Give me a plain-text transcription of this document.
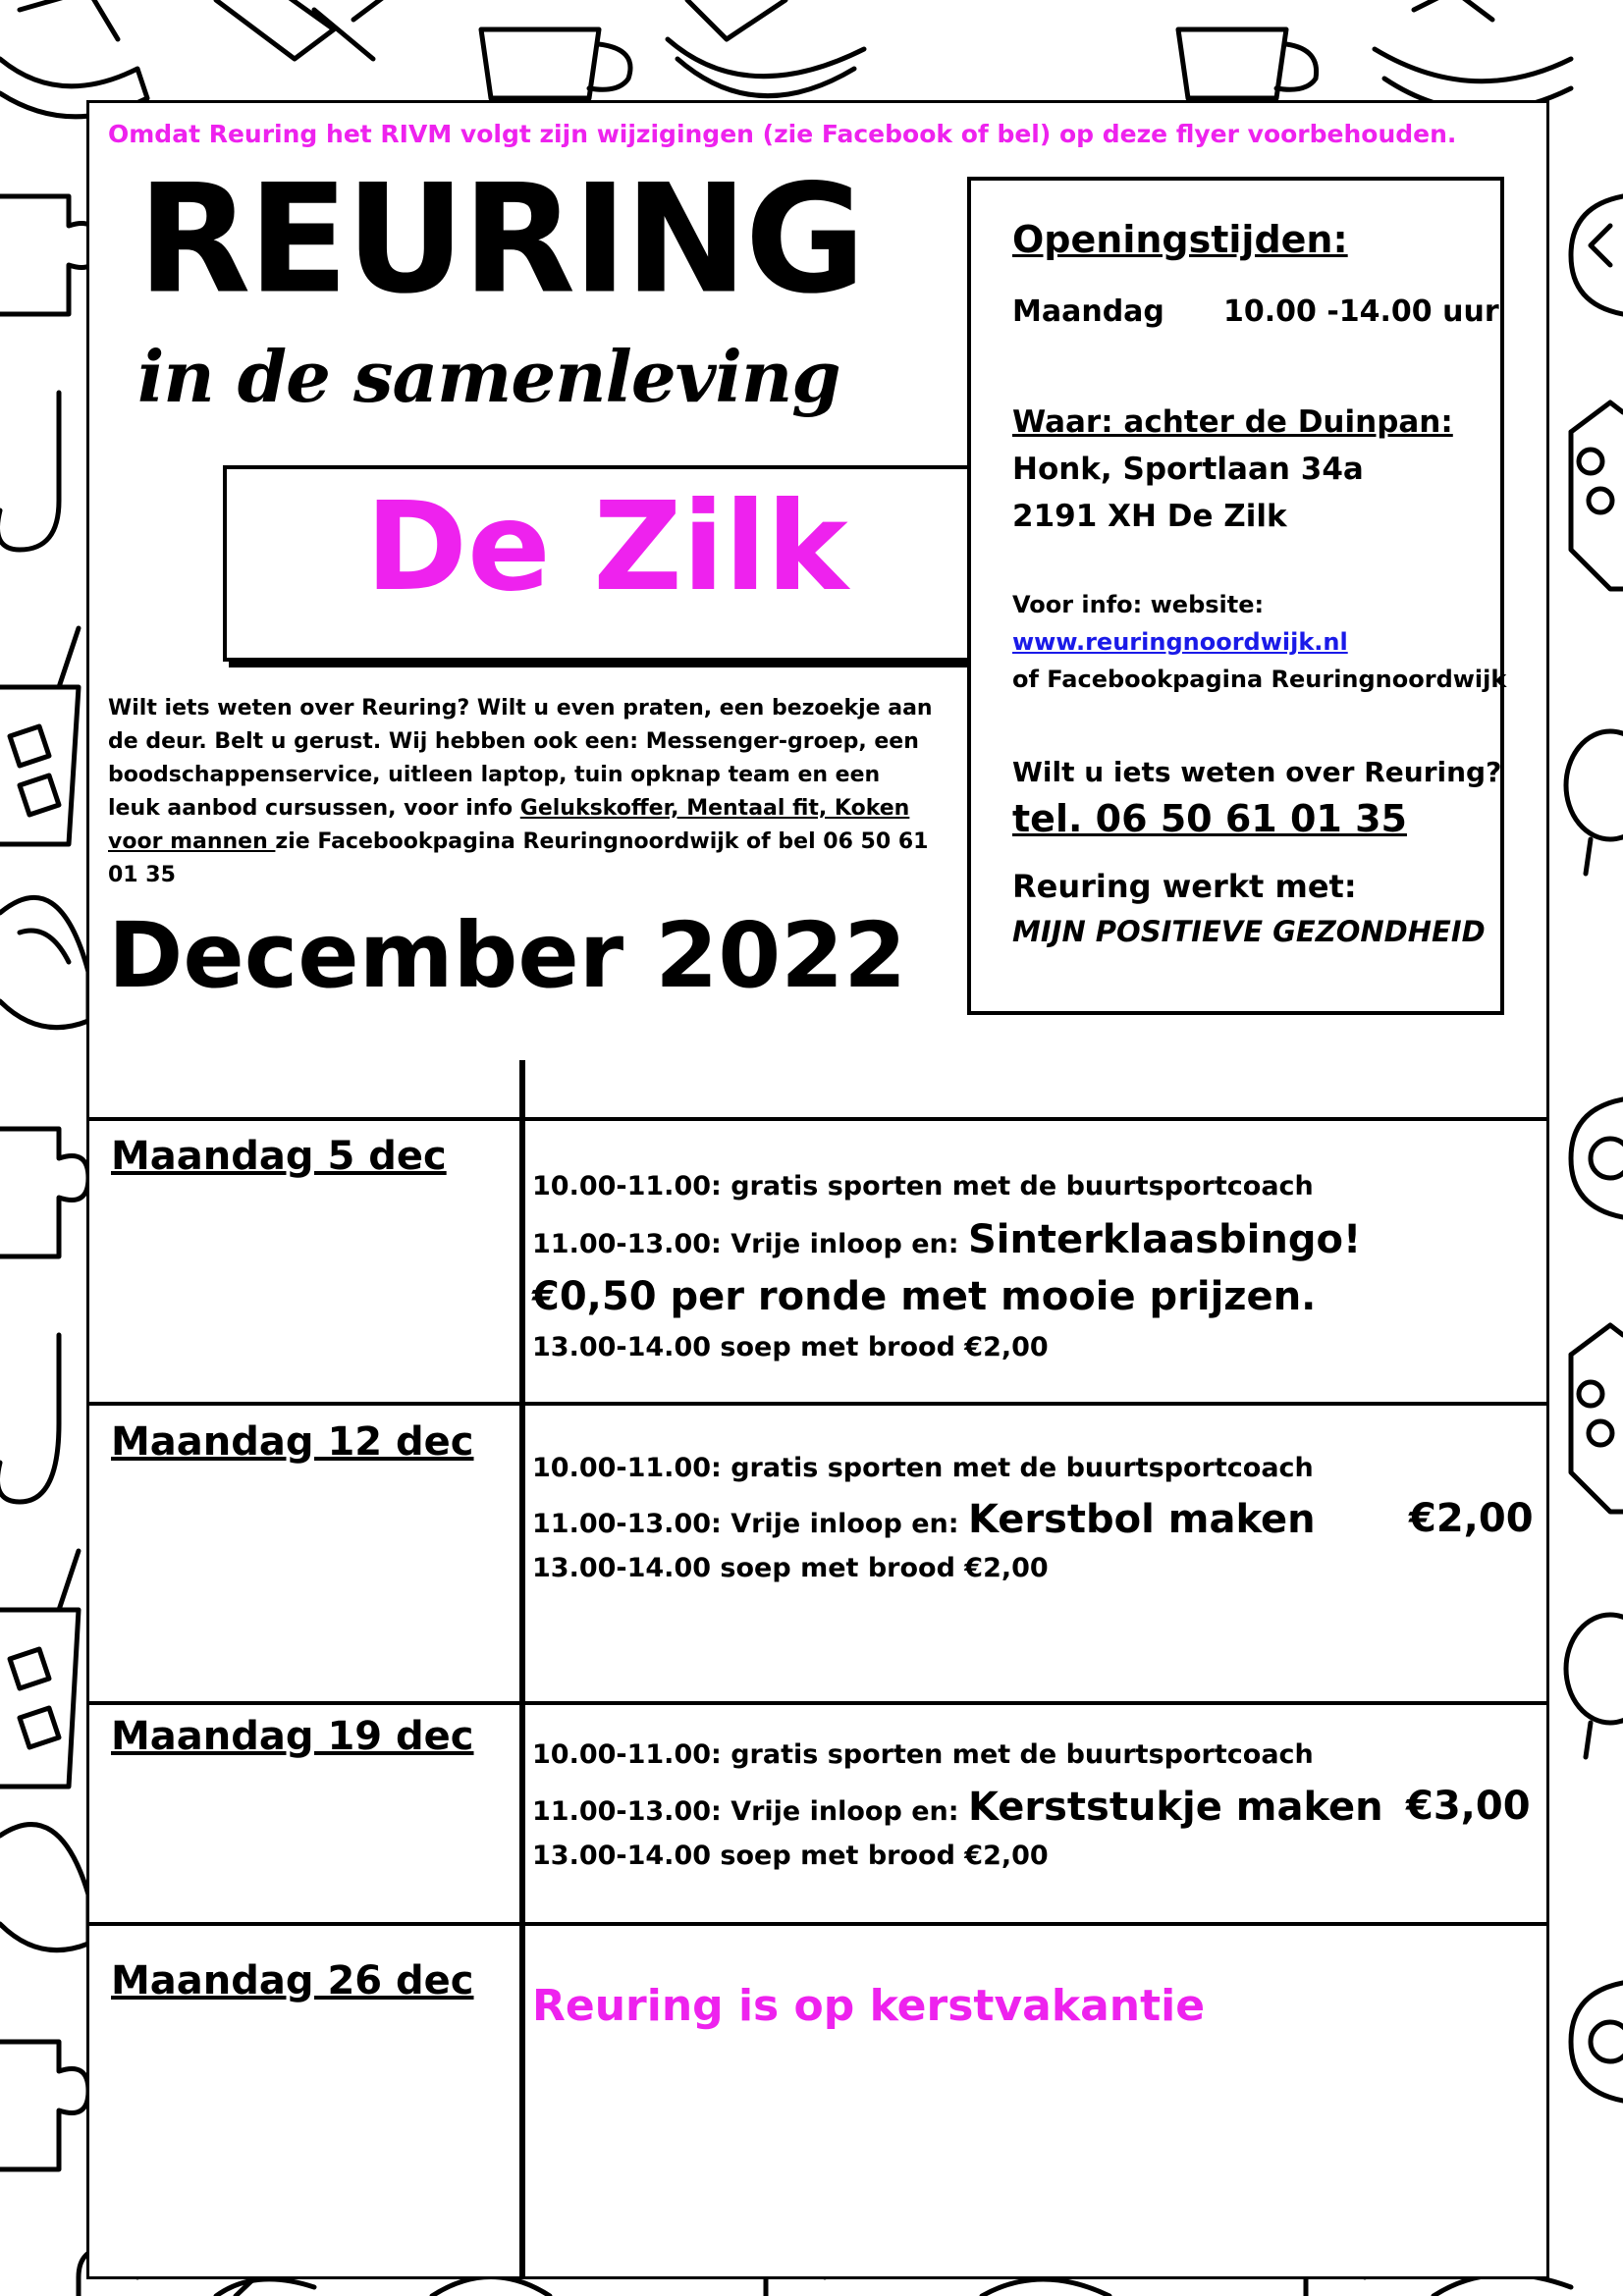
Omdat Reuring het RIVM volgt zijn wijzigingen (zie Facebook of bel) op deze flyer voorbehouden.
REURING
in de samenleving
De Zilk
Wilt iets weten over Reuring? Wilt u even praten, een bezoekje aan de deur. Belt u gerust. Wij hebben ook een: Messenger-groep, een boodschappenservice, uitleen laptop, tuin opknap team en een leuk aanbod cursussen, voor info Gelukskoffer, Mentaal fit, Koken voor mannen zie Facebookpagina Reuringnoordwijk of bel 06 50 61 01 35
December 2022
Openingstijden:
Maandag 10.00 -14.00 uur
Waar: achter de Duinpan:
Honk, Sportlaan 34a
2191 XH De Zilk
Voor info: website:
www.reuringnoordwijk.nl
of Facebookpagina Reuringnoordwijk
Wilt u iets weten over Reuring?
tel. 06 50 61 01 35
Reuring werkt met:
MIJN POSITIEVE GEZONDHEID
Maandag 5 dec
10.00-11.00: gratis sporten met de buurtsportcoach
11.00-13.00: Vrije inloop en: Sinterklaasbingo!
€0,50 per ronde met mooie prijzen.
13.00-14.00 soep met brood €2,00
Maandag 12 dec
10.00-11.00: gratis sporten met de buurtsportcoach
11.00-13.00: Vrije inloop en: Kerstbol maken €2,00
13.00-14.00 soep met brood €2,00
Maandag 19 dec 10.00-11.00: gratis sporten met de buurtsportcoach
11.00-13.00: Vrije inloop en: Kerststukje maken €3,00
13.00-14.00 soep met brood €2,00
Maandag 26 dec Reuring is op kerstvakantie
